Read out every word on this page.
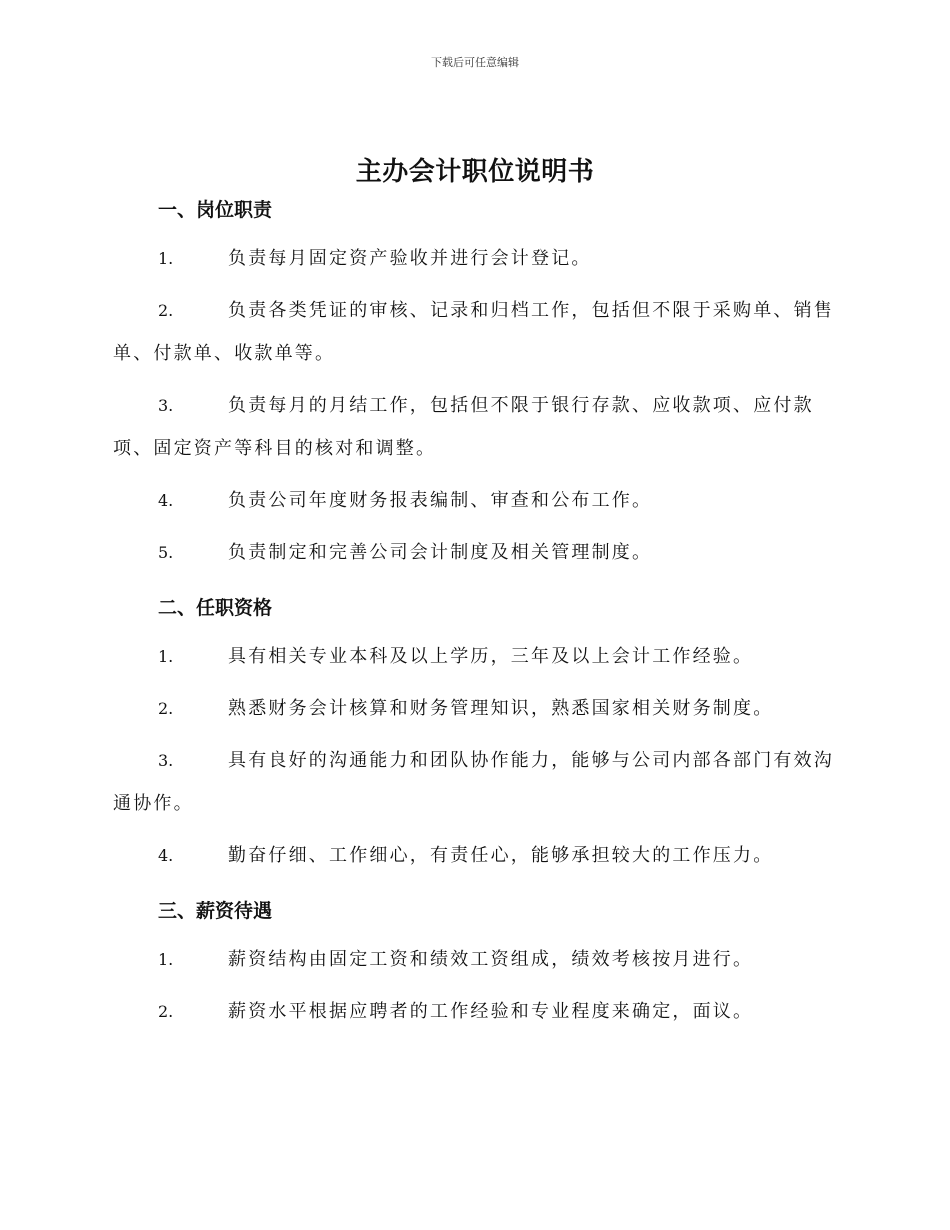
下载后可任意编辑
主办会计职位说明书
一、岗位职责
1.	负责每月固定资产验收并进行会计登记。
2.	负责各类凭证的审核、记录和归档工作，包括但不限于采购单、销售单、付款单、收款单等。
3.	负责每月的月结工作，包括但不限于银行存款、应收款项、应付款项、固定资产等科目的核对和调整。
4.	负责公司年度财务报表编制、审查和公布工作。
5.	负责制定和完善公司会计制度及相关管理制度。
二、任职资格
1.	具有相关专业本科及以上学历，三年及以上会计工作经验。
2.	熟悉财务会计核算和财务管理知识，熟悉国家相关财务制度。
3.	具有良好的沟通能力和团队协作能力，能够与公司内部各部门有效沟通协作。
4.	勤奋仔细、工作细心，有责任心，能够承担较大的工作压力。
三、薪资待遇
1.	薪资结构由固定工资和绩效工资组成，绩效考核按月进行。
2.	薪资水平根据应聘者的工作经验和专业程度来确定，面议。
